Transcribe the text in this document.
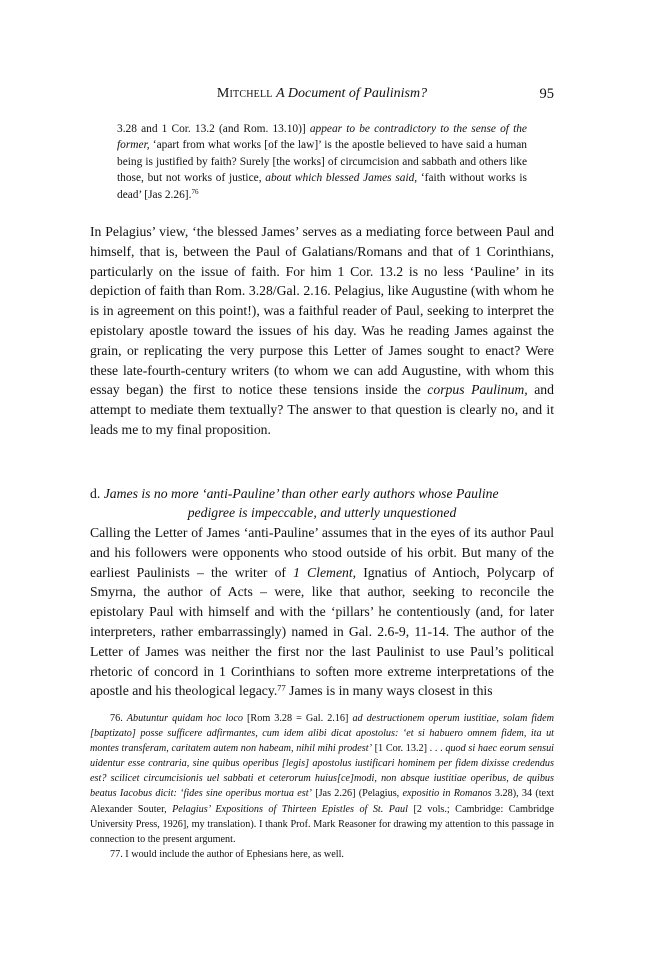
Mitchell A Document of Paulinism?	95

3.28 and 1 Cor. 13.2 (and Rom. 13.10)] appear to be contradictory to the sense of the former, ‘apart from what works [of the law]’ is the apostle believed to have said a human being is justified by faith? Surely [the works] of circumcision and sabbath and others like those, but not works of justice, about which blessed James said, ‘faith without works is dead’ [Jas 2.26].$^{76}$

In Pelagius’ view, ‘the blessed James’ serves as a mediating force between Paul and himself, that is, between the Paul of Galatians/Romans and that of 1 Corinthians, particularly on the issue of faith. For him 1 Cor. 13.2 is no less ‘Pauline’ in its depiction of faith than Rom. 3.28/Gal. 2.16. Pelagius, like Augustine (with whom he is in agreement on this point!), was a faithful reader of Paul, seeking to interpret the epistolary apostle toward the issues of his day. Was he reading James against the grain, or replicating the very purpose this Letter of James sought to enact? Were these late-fourth-century writers (to whom we can add Augustine, with whom this essay began) the first to notice these tensions inside the corpus Paulinum, and attempt to mediate them textually? The answer to that question is clearly no, and it leads me to my final proposition.

d. James is no more ‘anti-Pauline’ than other early authors whose Pauline
pedigree is impeccable, and utterly unquestioned

Calling the Letter of James ‘anti-Pauline’ assumes that in the eyes of its author Paul and his followers were opponents who stood outside of his orbit. But many of the earliest Paulinists – the writer of 1 Clement, Ignatius of Antioch, Polycarp of Smyrna, the author of Acts – were, like that author, seeking to reconcile the epistolary Paul with himself and with the ‘pillars’ he contentiously (and, for later interpreters, rather embarrassingly) named in Gal. 2.6-9, 11-14. The author of the Letter of James was neither the first nor the last Paulinist to use Paul’s political rhetoric of concord in 1 Corinthians to soften more extreme interpretations of the apostle and his theological legacy.$^{77}$ James is in many ways closest in this

76. Abutuntur quidam hoc loco [Rom 3.28 = Gal. 2.16] ad destructionem operum iustitiae, solam fidem [baptizato] posse sufficere adfirmantes, cum idem alibi dicat apostolus: ‘et si habuero omnem fidem, ita ut montes transferam, caritatem autem non habeam, nihil mihi prodest’ [1 Cor. 13.2] . . . quod si haec eorum sensui uidentur esse contraria, sine quibus operibus [legis] apostolus iustificari hominem per fidem dixisse credendus est? scilicet circumcisionis uel sabbati et ceterorum huius[ce]modi, non absque iustitiae operibus, de quibus beatus Iacobus dicit: ‘fides sine operibus mortua est’ [Jas 2.26] (Pelagius, expositio in Romanos 3.28), 34 (text Alexander Souter, Pelagius’ Expositions of Thirteen Epistles of St. Paul [2 vols.; Cambridge: Cambridge University Press, 1926], my translation). I thank Prof. Mark Reasoner for drawing my attention to this passage in connection to the present argument.

77. I would include the author of Ephesians here, as well.
